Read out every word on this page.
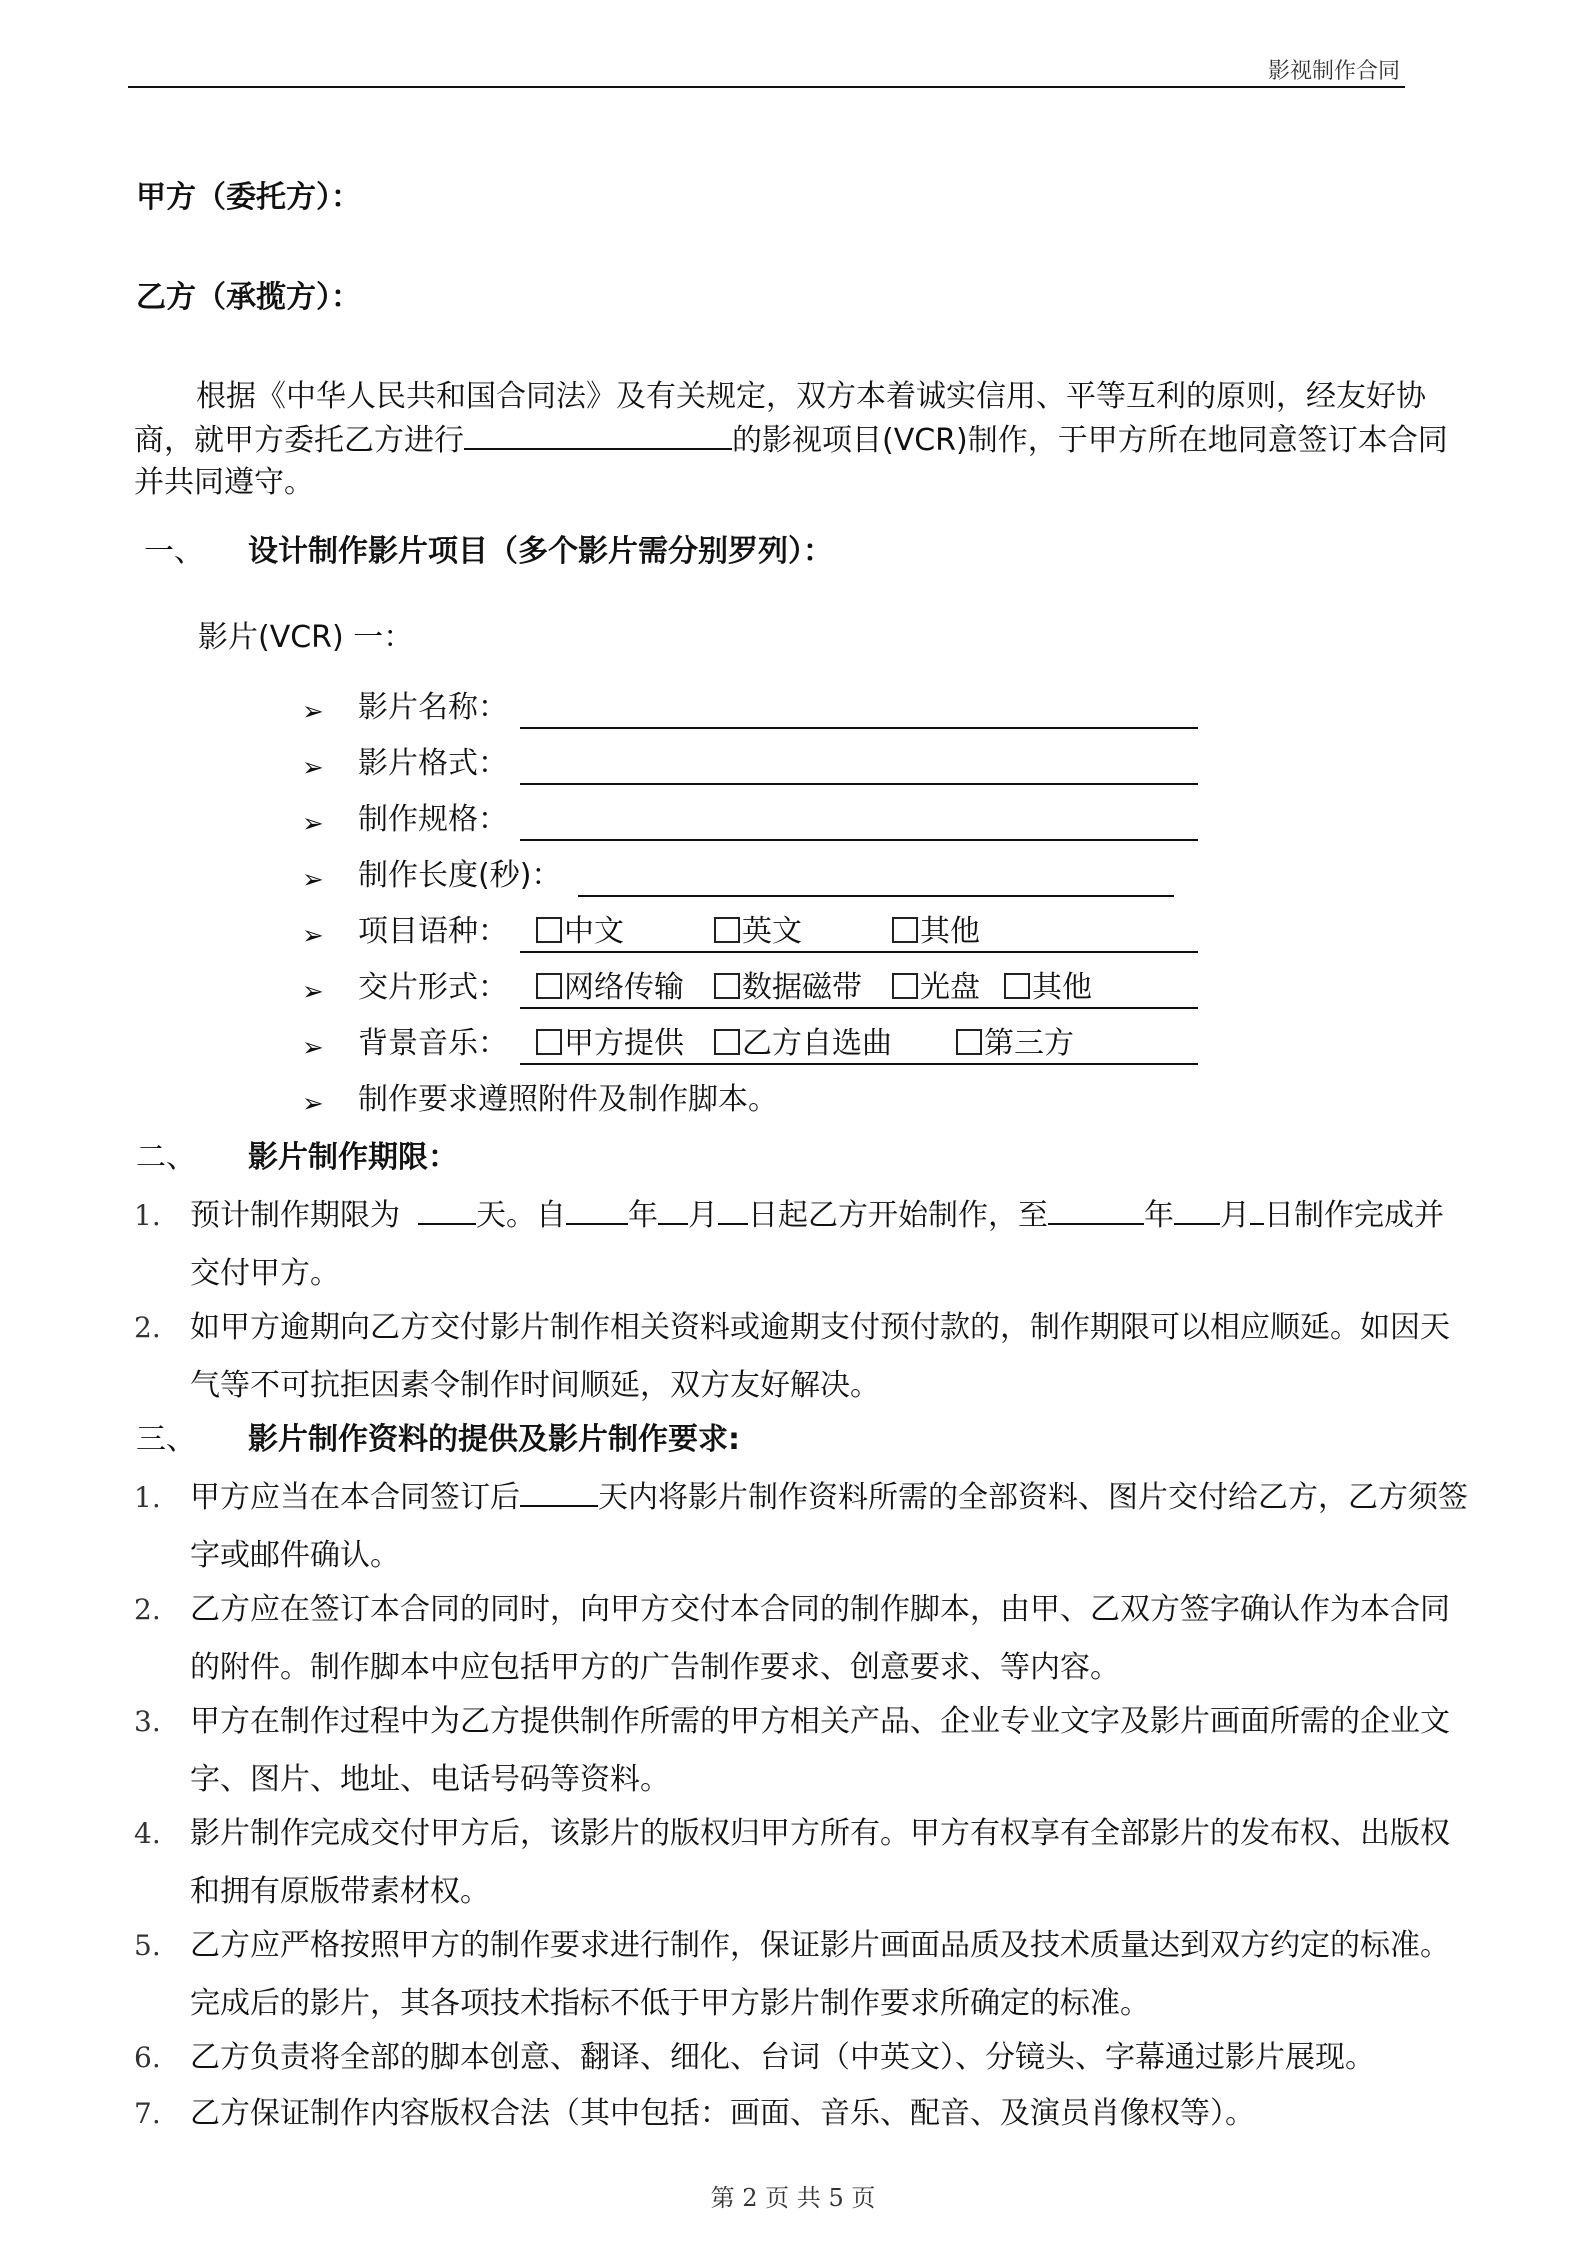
影视制作合同
甲方（委托方）：
乙方（承揽方）：
根据《中华人民共和国合同法》及有关规定，双方本着诚实信用、平等互利的原则，经友好协商，就甲方委托乙方进行	的影视项目(VCR)制作，于甲方所在地同意签订本合同并共同遵守。
一、 设计制作影片项目（多个影片需分别罗列）：
影片(VCR) 一：
➢ 影片名称：
➢ 影片格式：
➢ 制作规格：
➢ 制作长度(秒)：
➢ 项目语种：	中文	英文	其他
➢ 交片形式：	网络传输	数据磁带	光盘	其他
➢ 背景音乐：	甲方提供	乙方自选曲	第三方
➢ 制作要求遵照附件及制作脚本。
二、 影片制作期限：
1. 预计制作期限为	天。自 年 月 日起乙方开始制作，至	年 月 日制作完成并交付甲方。
2. 如甲方逾期向乙方交付影片制作相关资料或逾期支付预付款的，制作期限可以相应顺延。如因天气等不可抗拒因素令制作时间顺延，双方友好解决。
三、 影片制作资料的提供及影片制作要求:
1. 甲方应当在本合同签订后	天内将影片制作资料所需的全部资料、图片交付给乙方，乙方须签字或邮件确认。
2. 乙方应在签订本合同的同时，向甲方交付本合同的制作脚本，由甲、乙双方签字确认作为本合同的附件。制作脚本中应包括甲方的广告制作要求、创意要求、等内容。
3. 甲方在制作过程中为乙方提供制作所需的甲方相关产品、企业专业文字及影片画面所需的企业文字、图片、地址、电话号码等资料。
4. 影片制作完成交付甲方后，该影片的版权归甲方所有。甲方有权享有全部影片的发布权、出版权和拥有原版带素材权。
5. 乙方应严格按照甲方的制作要求进行制作，保证影片画面品质及技术质量达到双方约定的标准。完成后的影片，其各项技术指标不低于甲方影片制作要求所确定的标准。
6. 乙方负责将全部的脚本创意、翻译、细化、台词（中英文）、分镜头、字幕通过影片展现。
7. 乙方保证制作内容版权合法（其中包括：画面、音乐、配音、及演员肖像权等）。
第 2 页 共 5 页
